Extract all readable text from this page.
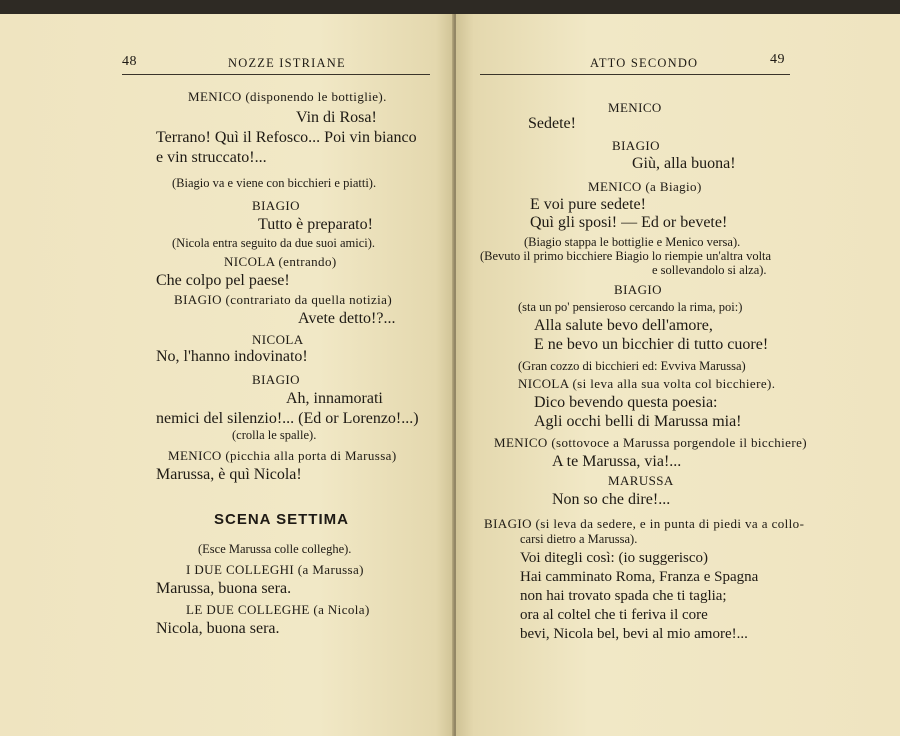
48	NOZZE ISTRIANE
MENICO (disponendo le bottiglie).
Vin di Rosa!
Terrano! Quì il Refosco... Poi vin bianco
e vin struccato!...
(Biagio va e viene con bicchieri e piatti).
BIAGIO
Tutto è preparato!
(Nicola entra seguito da due suoi amici).
NICOLA (entrando)
Che colpo pel paese!
BIAGIO (contrariato da quella notizia)
Avete detto!?...
NICOLA
No, l'hanno indovinato!
BIAGIO
Ah, innamorati
nemici del silenzio!... (Ed or Lorenzo!...)
(crolla le spalle).
MENICO (picchia alla porta di Marussa)
Marussa, è quì Nicola!
SCENA SETTIMA
(Esce Marussa colle colleghe).
I DUE COLLEGHI (a Marussa)
Marussa, buona sera.
LE DUE COLLEGHE (a Nicola)
Nicola, buona sera.
ATTO SECONDO	49
MENICO
Sedete!
BIAGIO
Giù, alla buona!
MENICO (a Biagio)
E voi pure sedete!
Quì gli sposi! — Ed or bevete!
(Biagio stappa le bottiglie e Menico versa).
(Bevuto il primo bicchiere Biagio lo riempie un'altra volta
e sollevandolo si alza).
BIAGIO
(sta un po' pensieroso cercando la rima, poi:)
Alla salute bevo dell'amore,
E ne bevo un bicchier di tutto cuore!
(Gran cozzo di bicchieri ed: Evviva Marussa)
NICOLA (si leva alla sua volta col bicchiere).
Dico bevendo questa poesia:
Agli occhi belli di Marussa mia!
MENICO (sottovoce a Marussa porgendole il bicchiere)
A te Marussa, via!...
MARUSSA
Non so che dire!...
BIAGIO (si leva da sedere, e in punta di piedi va a collo-
carsi dietro a Marussa).
Voi ditegli così: (io suggerisco)
Hai camminato Roma, Franza e Spagna
non hai trovato spada che ti taglia;
ora al coltel che ti feriva il core
bevi, Nicola bel, bevi al mio amore!...
